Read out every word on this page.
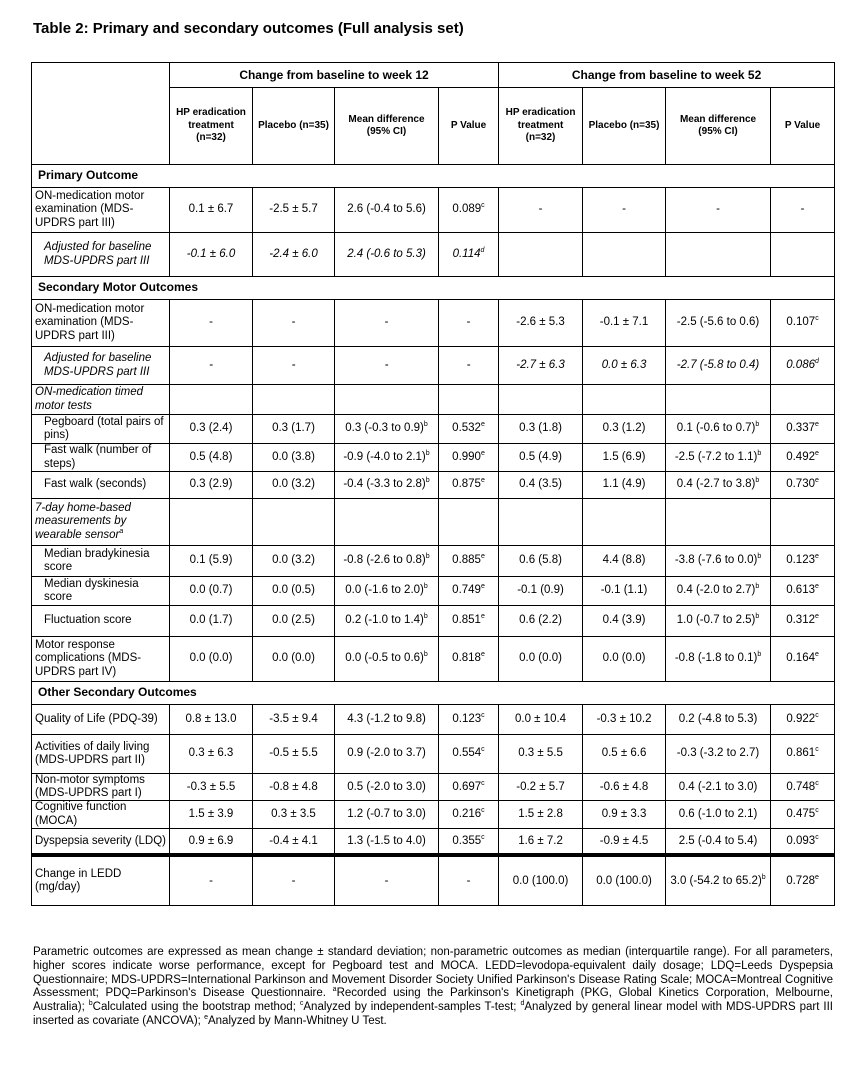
Table 2: Primary and secondary outcomes (Full analysis set)
	Change from baseline to week 12				Change from baseline to week 52			
	HP eradication treatment (n=32)	Placebo (n=35)	Mean difference (95% CI)	P Value	HP eradication treatment (n=32)	Placebo (n=35)	Mean difference (95% CI)	P Value
Primary Outcome								
ON-medication motor examination (MDS-UPDRS part III)	0.1 ± 6.7	-2.5 ± 5.7	2.6 (-0.4 to 5.6)	0.089$^c$	-	-	-	-
Adjusted for baseline MDS-UPDRS part III	-0.1 ± 6.0	-2.4 ± 6.0	2.4 (-0.6 to 5.3)	0.114$^d$				
Secondary Motor Outcomes								
ON-medication motor examination (MDS-UPDRS part III)	-	-	-	-	-2.6 ± 5.3	-0.1 ± 7.1	-2.5 (-5.6 to 0.6)	0.107$^c$
Adjusted for baseline MDS-UPDRS part III	-	-	-	-	-2.7 ± 6.3	0.0 ± 6.3	-2.7 (-5.8 to 0.4)	0.086$^d$
ON-medication timed motor tests								
Pegboard (total pairs of pins)	0.3 (2.4)	0.3 (1.7)	0.3 (-0.3 to 0.9)$^b$	0.532e	0.3 (1.8)	0.3 (1.2)	0.1 (-0.6 to 0.7)$^b$	0.337e
Fast walk (number of steps)	0.5 (4.8)	0.0 (3.8)	-0.9 (-4.0 to 2.1)$^b$	0.990e	0.5 (4.9)	1.5 (6.9)	-2.5 (-7.2 to 1.1)$^b$	0.492e
Fast walk (seconds)	0.3 (2.9)	0.0 (3.2)	-0.4 (-3.3 to 2.8)$^b$	0.875e	0.4 (3.5)	1.1 (4.9)	0.4 (-2.7 to 3.8)$^b$	0.730e
7-day home-based measurements by wearable sensor$^a$								
Median bradykinesia score	0.1 (5.9)	0.0 (3.2)	-0.8 (-2.6 to 0.8)$^b$	0.885e	0.6 (5.8)	4.4 (8.8)	-3.8 (-7.6 to 0.0)$^b$	0.123e
Median dyskinesia score	0.0 (0.7)	0.0 (0.5)	0.0 (-1.6 to 2.0)$^b$	0.749e	-0.1 (0.9)	-0.1 (1.1)	0.4 (-2.0 to 2.7)$^b$	0.613e
Fluctuation score	0.0 (1.7)	0.0 (2.5)	0.2 (-1.0 to 1.4)$^b$	0.851e	0.6 (2.2)	0.4 (3.9)	1.0 (-0.7 to 2.5)$^b$	0.312e
Motor response complications (MDS-UPDRS part IV)	0.0 (0.0)	0.0 (0.0)	0.0 (-0.5 to 0.6)$^b$	0.818e	0.0 (0.0)	0.0 (0.0)	-0.8 (-1.8 to 0.1)$^b$	0.164e
Other Secondary Outcomes								
Quality of Life (PDQ-39)	0.8 ± 13.0	-3.5 ± 9.4	4.3 (-1.2 to 9.8)	0.123$^c$	0.0 ± 10.4	-0.3 ± 10.2	0.2 (-4.8 to 5.3)	0.922$^c$
Activities of daily living (MDS-UPDRS part II)	0.3 ± 6.3	-0.5 ± 5.5	0.9 (-2.0 to 3.7)	0.554$^c$	0.3 ± 5.5	0.5 ± 6.6	-0.3 (-3.2 to 2.7)	0.861$^c$
Non-motor symptoms (MDS-UPDRS part I)	-0.3 ± 5.5	-0.8 ± 4.8	0.5 (-2.0 to 3.0)	0.697$^c$	-0.2 ± 5.7	-0.6 ± 4.8	0.4 (-2.1 to 3.0)	0.748$^c$
Cognitive function (MOCA)	1.5 ± 3.9	0.3 ± 3.5	1.2 (-0.7 to 3.0)	0.216$^c$	1.5 ± 2.8	0.9 ± 3.3	0.6 (-1.0 to 2.1)	0.475$^c$
Dyspepsia severity (LDQ)	0.9 ± 6.9	-0.4 ± 4.1	1.3 (-1.5 to 4.0)	0.355$^c$	1.6 ± 7.2	-0.9 ± 4.5	2.5 (-0.4 to 5.4)	0.093$^c$
Change in LEDD (mg/day)	-	-	-	-	0.0 (100.0)	0.0 (100.0)	3.0 (-54.2 to 65.2)$^b$	0.728e
Parametric outcomes are expressed as mean change ± standard deviation; non-parametric outcomes as median (interquartile range). For all parameters, higher scores indicate worse performance, except for Pegboard test and MOCA. LEDD=levodopa-equivalent daily dosage; LDQ=Leeds Dyspepsia Questionnaire; MDS-UPDRS=International Parkinson and Movement Disorder Society Unified Parkinson's Disease Rating Scale; MOCA=Montreal Cognitive Assessment; PDQ=Parkinson's Disease Questionnaire. $^a$Recorded using the Parkinson's Kinetigraph (PKG, Global Kinetics Corporation, Melbourne, Australia); $^b$Calculated using the bootstrap method; $^c$Analyzed by independent-samples T-test; $^d$Analyzed by general linear model with MDS-UPDRS part III inserted as covariate (ANCOVA); $^e$Analyzed by Mann-Whitney U Test.
